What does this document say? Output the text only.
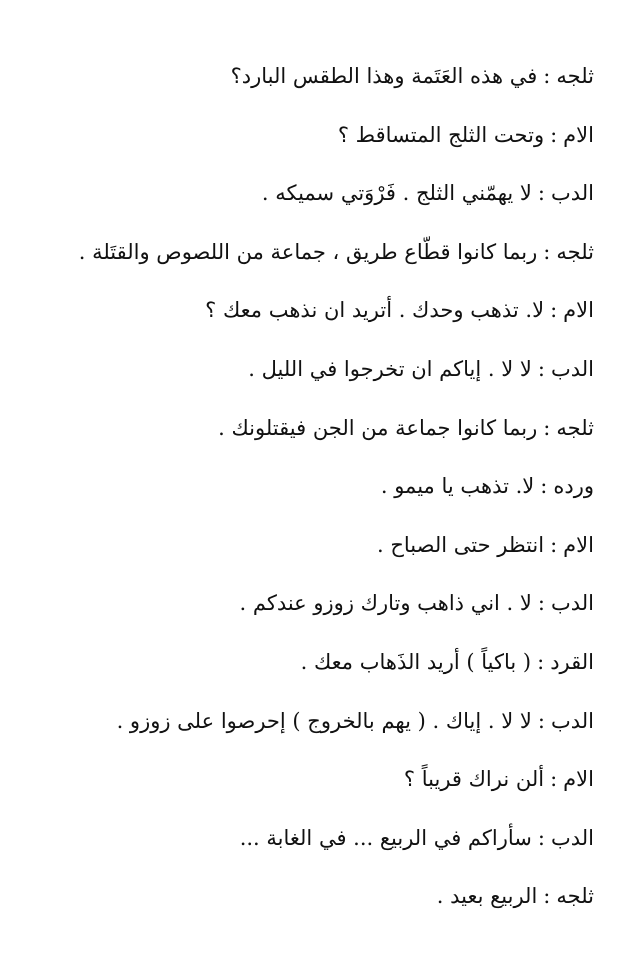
ثلجه:في هذه العَتَمة وهذا الطقس البارد؟
الام:وتحت الثلج المتساقط ؟
الدب:لا يهمّني الثلج . فَرْوَتي سميكه .
ثلجه:ربما كانوا قطّاع طريق ، جماعة من اللصوص والقتَلة .
الام:لا. تذهب وحدك . أتريد ان نذهب معك ؟
الدب:لا لا . إياكم ان تخرجوا في الليل .
ثلجه:ربما كانوا جماعة من الجن فيقتلونك .
ورده:لا. تذهب يا ميمو .
الام:انتظر حتى الصباح .
الدب:لا . اني ذاهب وتارك زوزو عندكم .
القرد:( باكياً ) أريد الذَهاب معك .
الدب:لا لا . إياك . ( يهم بالخروج ) إحرصوا على زوزو .
الام:ألن نراك قريباً ؟
الدب:سأراكم في الربيع ... في الغابة ...
ثلجه:الربيع بعيد .
